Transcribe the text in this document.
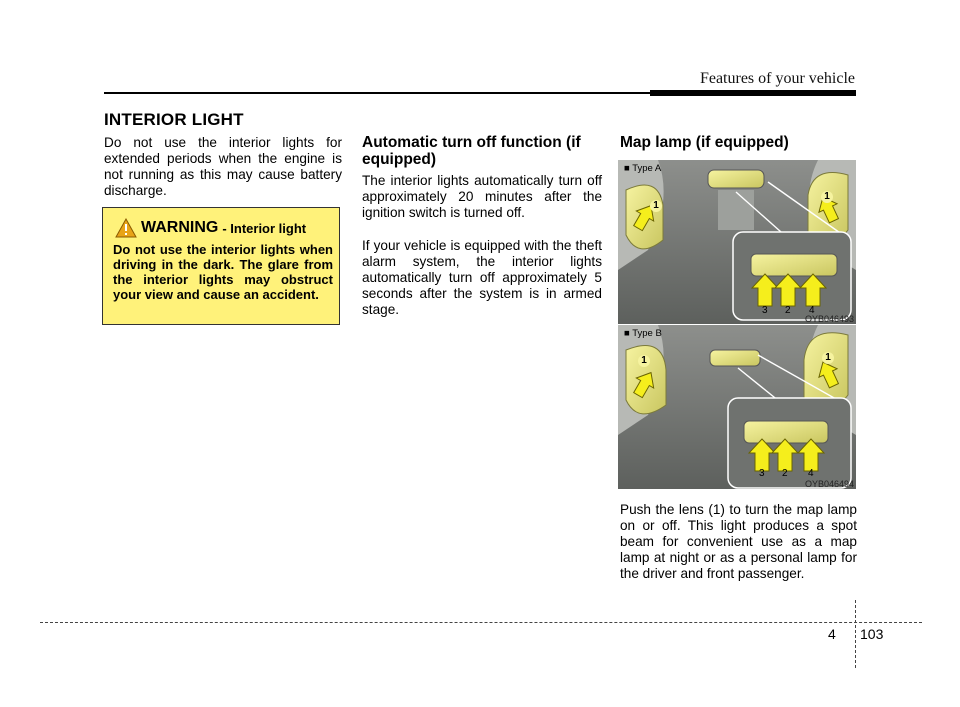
Features of your vehicle
INTERIOR LIGHT
Do not use the interior lights for extended periods when the engine is not running as this may cause battery discharge.
WARNING - Interior light
Do not use the interior lights when driving in the dark. The glare from the interior lights may obstruct your view and cause an accident.
Automatic turn off function (if equipped)
The interior lights automatically turn off approximately 20 minutes after the ignition switch is turned off.
If your vehicle is equipped with the theft alarm system, the interior lights automatically turn off approximately 5 seconds after the system is in armed stage.
Map lamp (if equipped)
■ Type A
1
1
3 2 4
OYB046493
■ Type B
1	1
3 2 4
OYB046494
Push the lens (1) to turn the map lamp on or off. This light produces a spot beam for convenient use as a map lamp at night or as a personal lamp for the driver and front passenger.
4 103
